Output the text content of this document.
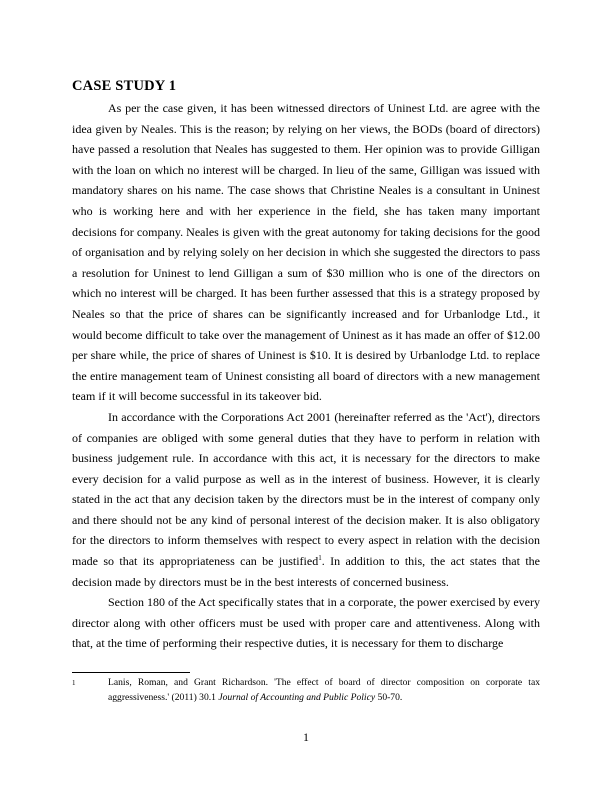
CASE STUDY 1

As per the case given, it has been witnessed directors of Uninest Ltd. are agree with the idea given by Neales. This is the reason; by relying on her views, the BODs (board of directors) have passed a resolution that Neales has suggested to them. Her opinion was to provide Gilligan with the loan on which no interest will be charged. In lieu of the same, Gilligan was issued with mandatory shares on his name. The case shows that Christine Neales is a consultant in Uninest who is working here and with her experience in the field, she has taken many important decisions for company. Neales is given with the great autonomy for taking decisions for the good of organisation and by relying solely on her decision in which she suggested the directors to pass a resolution for Uninest to lend Gilligan a sum of $30 million who is one of the directors on which no interest will be charged. It has been further assessed that this is a strategy proposed by Neales so that the price of shares can be significantly increased and for Urbanlodge Ltd., it would become difficult to take over the management of Uninest as it has made an offer of $12.00 per share while, the price of shares of Uninest is $10. It is desired by Urbanlodge Ltd. to replace the entire management team of Uninest consisting all board of directors with a new management team if it will become successful in its takeover bid.

In accordance with the Corporations Act 2001 (hereinafter referred as the 'Act'), directors of companies are obliged with some general duties that they have to perform in relation with business judgement rule. In accordance with this act, it is necessary for the directors to make every decision for a valid purpose as well as in the interest of business. However, it is clearly stated in the act that any decision taken by the directors must be in the interest of company only and there should not be any kind of personal interest of the decision maker. It is also obligatory for the directors to inform themselves with respect to every aspect in relation with the decision made so that its appropriateness can be justified$^1$. In addition to this, the act states that the decision made by directors must be in the best interests of concerned business.

Section 180 of the Act specifically states that in a corporate, the power exercised by every director along with other officers must be used with proper care and attentiveness. Along with that, at the time of performing their respective duties, it is necessary for them to discharge

1	Lanis, Roman, and Grant Richardson. 'The effect of board of director composition on corporate tax aggressiveness.' (2011) 30.1 Journal of Accounting and Public Policy 50-70.
1
